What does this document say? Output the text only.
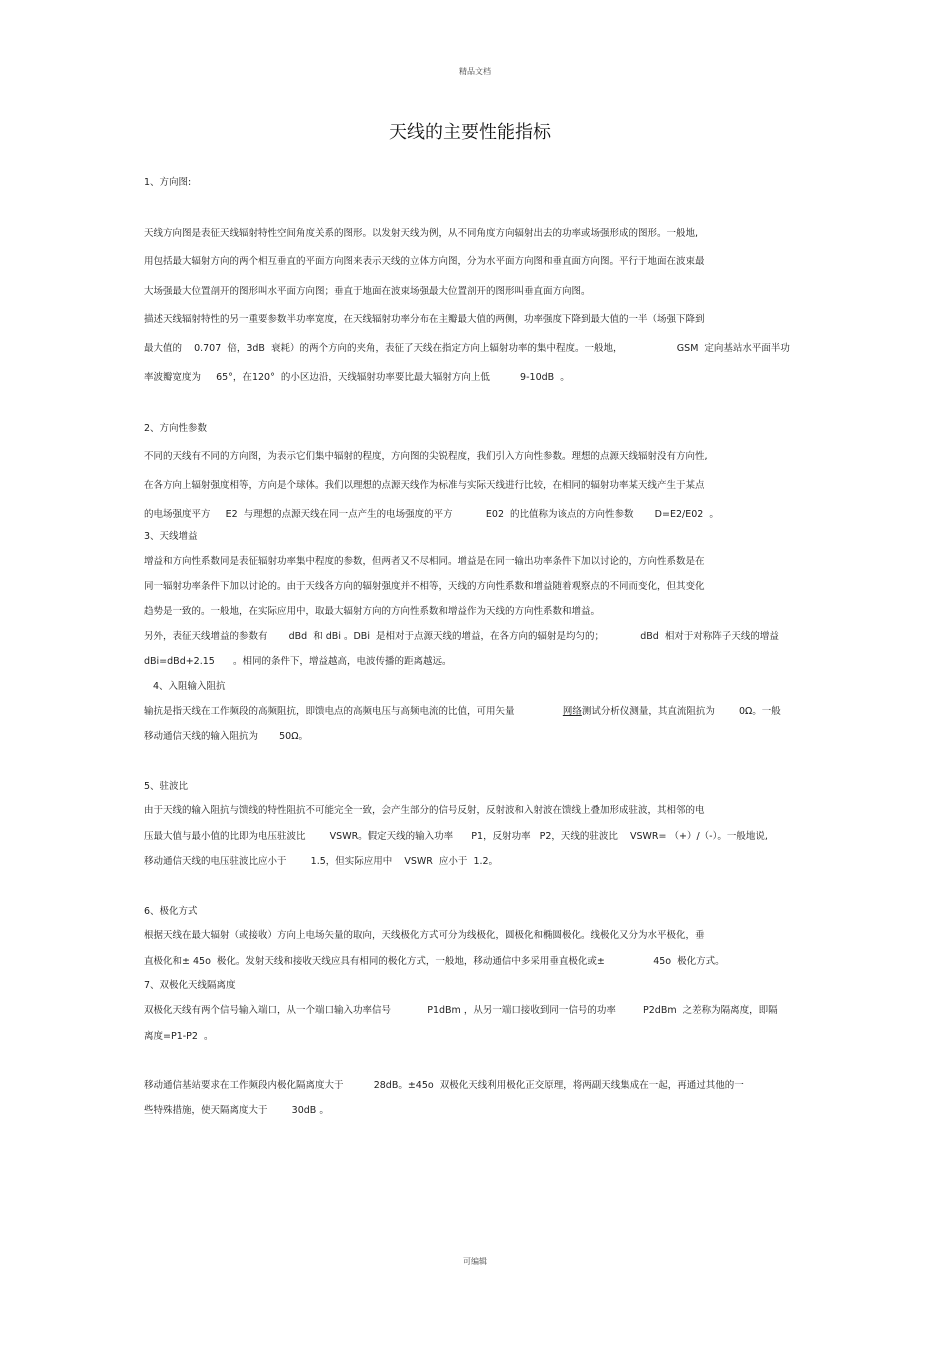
精品文档
天线的主要性能指标
1、方向图:
天线方向图是表征天线辐射特性空间角度关系的图形。以发射天线为例，从不同角度方向辐射出去的功率或场强形成的图形。一般地,
用包括最大辐射方向的两个相互垂直的平面方向图来表示天线的立体方向图，分为水平面方向图和垂直面方向图。平行于地面在波束最
大场强最大位置剖开的图形叫水平面方向图；垂直于地面在波束场强最大位置剖开的图形叫垂直面方向图。
描述天线辐射特性的另一重要参数半功率宽度，在天线辐射功率分布在主瓣最大值的两侧，功率强度下降到最大值的一半（场强下降到
最大值的    0.707  倍，3dB  衰耗）的两个方向的夹角，表征了天线在指定方向上辐射功率的集中程度。一般地，                  GSM  定向基站水平面半功
率波瓣宽度为     65°，在120°  的小区边沿，天线辐射功率要比最大辐射方向上低          9-10dB  。
2、方向性参数
不同的天线有不同的方向图，为表示它们集中辐射的程度，方向图的尖锐程度，我们引入方向性参数。理想的点源天线辐射没有方向性,
在各方向上辐射强度相等，方向是个球体。我们以理想的点源天线作为标准与实际天线进行比较，在相同的辐射功率某天线产生于某点
的电场强度平方     E2  与理想的点源天线在同一点产生的电场强度的平方           E02  的比值称为该点的方向性参数       D=E2/E02  。
3、天线增益
增益和方向性系数同是表征辐射功率集中程度的参数，但两者又不尽相同。增益是在同一输出功率条件下加以讨论的，方向性系数是在
同一辐射功率条件下加以讨论的。由于天线各方向的辐射强度并不相等，天线的方向性系数和增益随着观察点的不同而变化，但其变化
趋势是一致的。一般地，在实际应用中，取最大辐射方向的方向性系数和增益作为天线的方向性系数和增益。
另外，表征天线增益的参数有       dBd  和 dBi 。DBi  是相对于点源天线的增益，在各方向的辐射是均匀的；            dBd  相对于对称阵子天线的增益
dBi=dBd+2.15      。相同的条件下，增益越高，电波传播的距离越远。
4、入阻输入阻抗
输抗是指天线在工作频段的高频阻抗，即馈电点的高频电压与高频电流的比值，可用矢量                网络测试分析仪测量，其直流阻抗为        0Ω。一般
移动通信天线的输入阻抗为       50Ω。
5、驻波比
由于天线的输入阻抗与馈线的特性阻抗不可能完全一致，会产生部分的信号反射，反射波和入射波在馈线上叠加形成驻波，其相邻的电
压最大值与最小值的比即为电压驻波比        VSWR。假定天线的输入功率      P1，反射功率   P2，天线的驻波比    VSWR= （+）/（-）。一般地说,
移动通信天线的电压驻波比应小于        1.5，但实际应用中    VSWR  应小于  1.2。
6、极化方式
根据天线在最大辐射（或接收）方向上电场矢量的取向，天线极化方式可分为线极化，圆极化和椭圆极化。线极化又分为水平极化，垂
直极化和± 45o  极化。发射天线和接收天线应具有相同的极化方式，一般地，移动通信中多采用垂直极化或±                45o  极化方式。
7、双极化天线隔离度
双极化天线有两个信号输入端口，从一个端口输入功率信号            P1dBm ，从另一端口接收到同一信号的功率         P2dBm  之差称为隔离度，即隔
离度=P1-P2  。
移动通信基站要求在工作频段内极化隔离度大于          28dB。±45o  双极化天线利用极化正交原理，将两副天线集成在一起，再通过其他的一
些特殊措施，使天隔离度大于        30dB 。
可编辑
